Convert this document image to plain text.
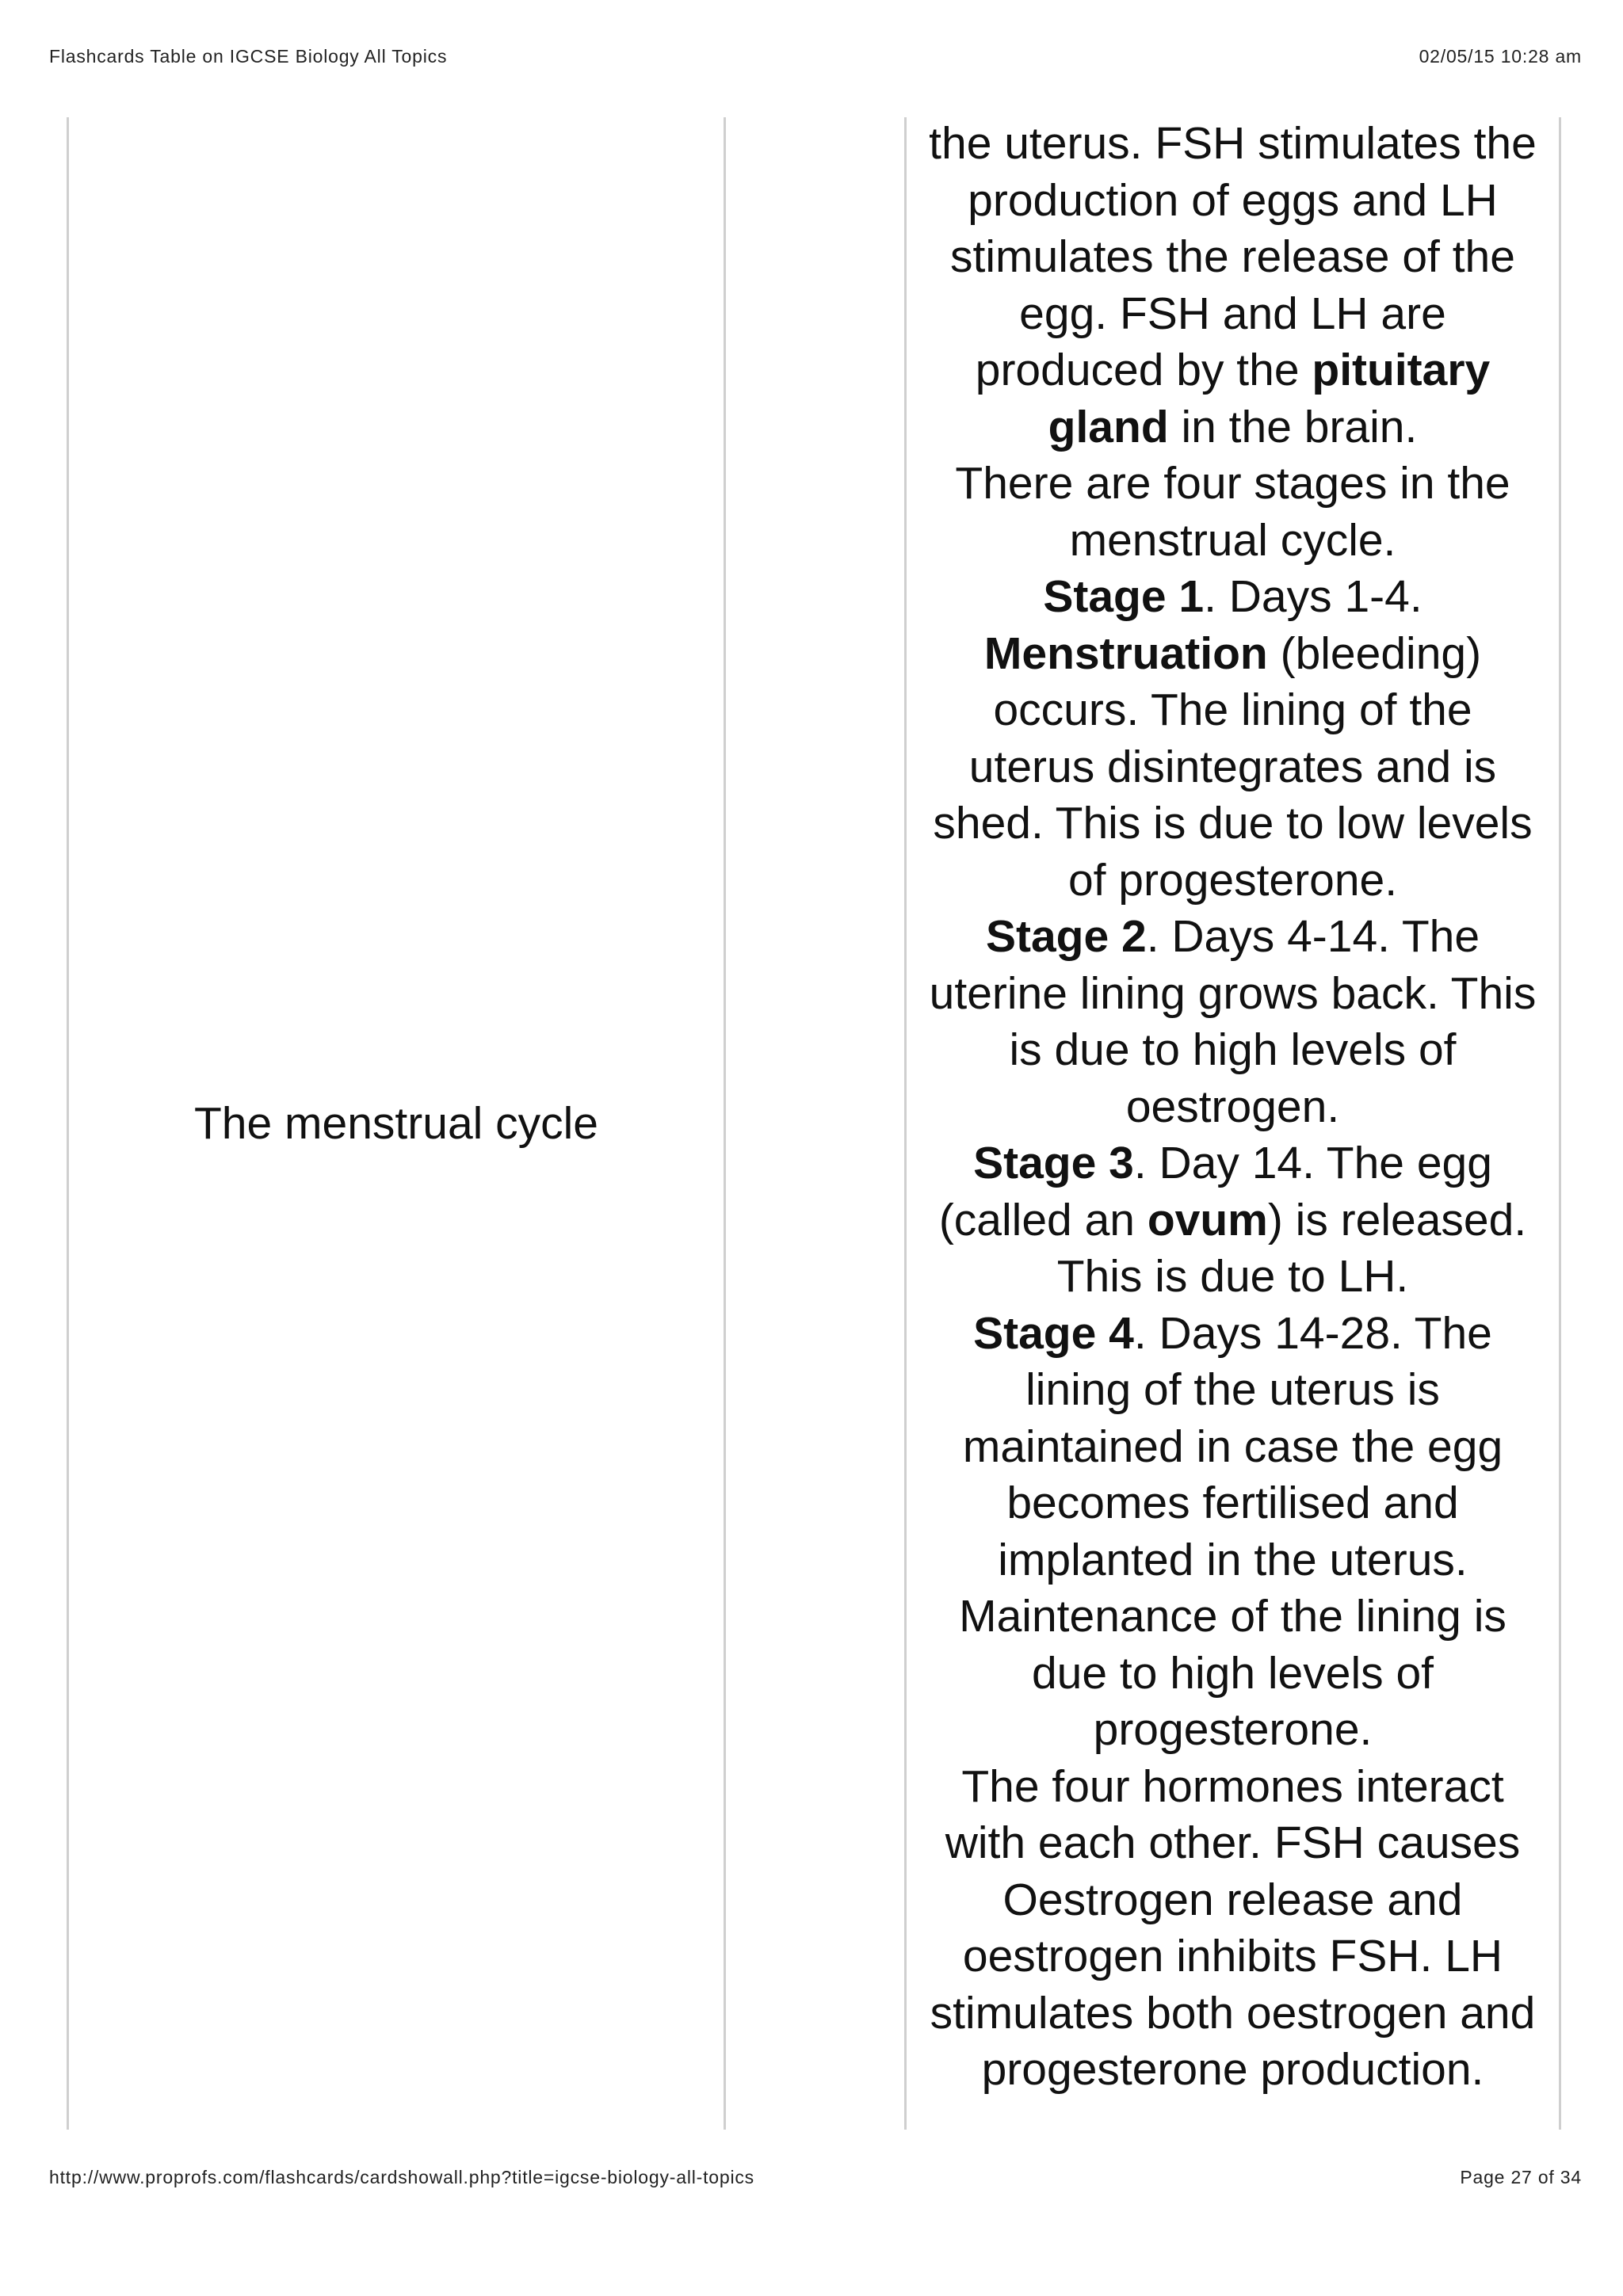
Flashcards Table on IGCSE Biology All Topics	02/05/15 10:28 am
The menstrual cycle
the uterus. FSH stimulates the
production of eggs and LH
stimulates the release of the
egg. FSH and LH are
produced by the pituitary
gland in the brain.
There are four stages in the
menstrual cycle.
Stage 1. Days 1-4.
Menstruation (bleeding)
occurs. The lining of the
uterus disintegrates and is
shed. This is due to low levels
of progesterone.
Stage 2. Days 4-14. The
uterine lining grows back. This
is due to high levels of
oestrogen.
Stage 3. Day 14. The egg
(called an ovum) is released.
This is due to LH.
Stage 4. Days 14-28. The
lining of the uterus is
maintained in case the egg
becomes fertilised and
implanted in the uterus.
Maintenance of the lining is
due to high levels of
progesterone.
The four hormones interact
with each other. FSH causes
Oestrogen release and
oestrogen inhibits FSH. LH
stimulates both oestrogen and
progesterone production.
http://www.proprofs.com/flashcards/cardshowall.php?title=igcse-biology-all-topics	Page 27 of 34
